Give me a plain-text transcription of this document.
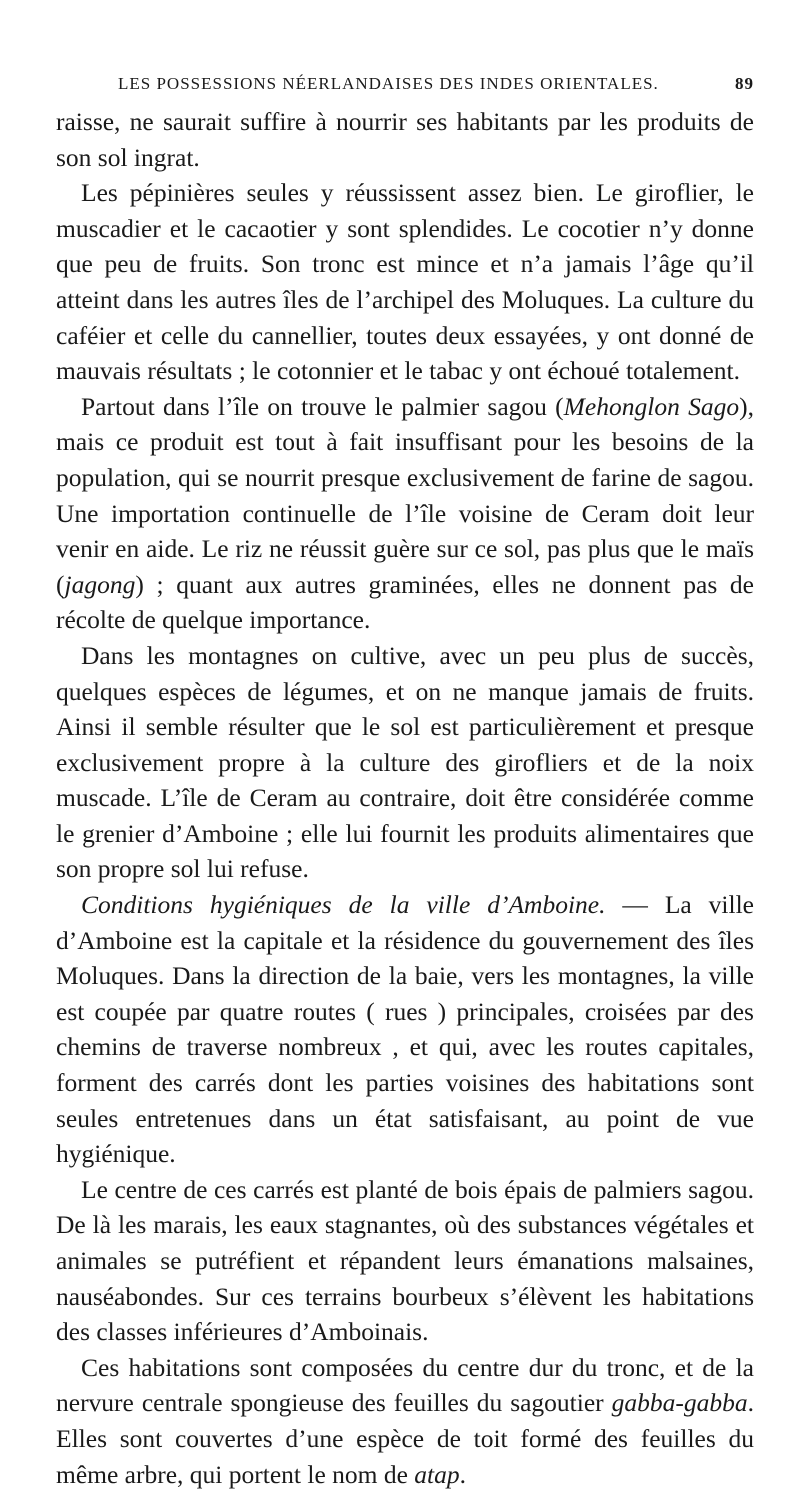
LES POSSESSIONS NÉERLANDAISES DES INDES ORIENTALES.	89

raisse, ne saurait suffire à nourrir ses habitants par les produits de son sol ingrat.

Les pépinières seules y réussissent assez bien. Le giroflier, le muscadier et le cacaotier y sont splendides. Le cocotier n’y donne que peu de fruits. Son tronc est mince et n’a jamais l’âge qu’il atteint dans les autres îles de l’archipel des Moluques. La culture du caféier et celle du cannellier, toutes deux essayées, y ont donné de mauvais résultats ; le cotonnier et le tabac y ont échoué totalement.

Partout dans l’île on trouve le palmier sagou (Mehonglon Sago), mais ce produit est tout à fait insuffisant pour les besoins de la population, qui se nourrit presque exclusivement de farine de sagou. Une importation continuelle de l’île voisine de Ceram doit leur venir en aide. Le riz ne réussit guère sur ce sol, pas plus que le maïs (jagong) ; quant aux autres graminées, elles ne donnent pas de récolte de quelque importance.

Dans les montagnes on cultive, avec un peu plus de succès, quelques espèces de légumes, et on ne manque jamais de fruits. Ainsi il semble résulter que le sol est particulièrement et presque exclusivement propre à la culture des girofliers et de la noix muscade. L’île de Ceram au contraire, doit être considérée comme le grenier d’Amboine ; elle lui fournit les produits alimentaires que son propre sol lui refuse.

Conditions hygiéniques de la ville d’Amboine. — La ville d’Amboine est la capitale et la résidence du gouvernement des îles Moluques. Dans la direction de la baie, vers les montagnes, la ville est coupée par quatre routes ( rues ) principales, croisées par des chemins de traverse nombreux , et qui, avec les routes capitales, forment des carrés dont les parties voisines des habitations sont seules entretenues dans un état satisfaisant, au point de vue hygiénique.

Le centre de ces carrés est planté de bois épais de palmiers sagou. De là les marais, les eaux stagnantes, où des substances végétales et animales se putréfient et répandent leurs émanations malsaines, nauséabondes. Sur ces terrains bourbeux s’élèvent les habitations des classes inférieures d’Amboinais.

Ces habitations sont composées du centre dur du tronc, et de la nervure centrale spongieuse des feuilles du sagoutier gabba-gabba. Elles sont couvertes d’une espèce de toit formé des feuilles du même arbre, qui portent le nom de atap.
